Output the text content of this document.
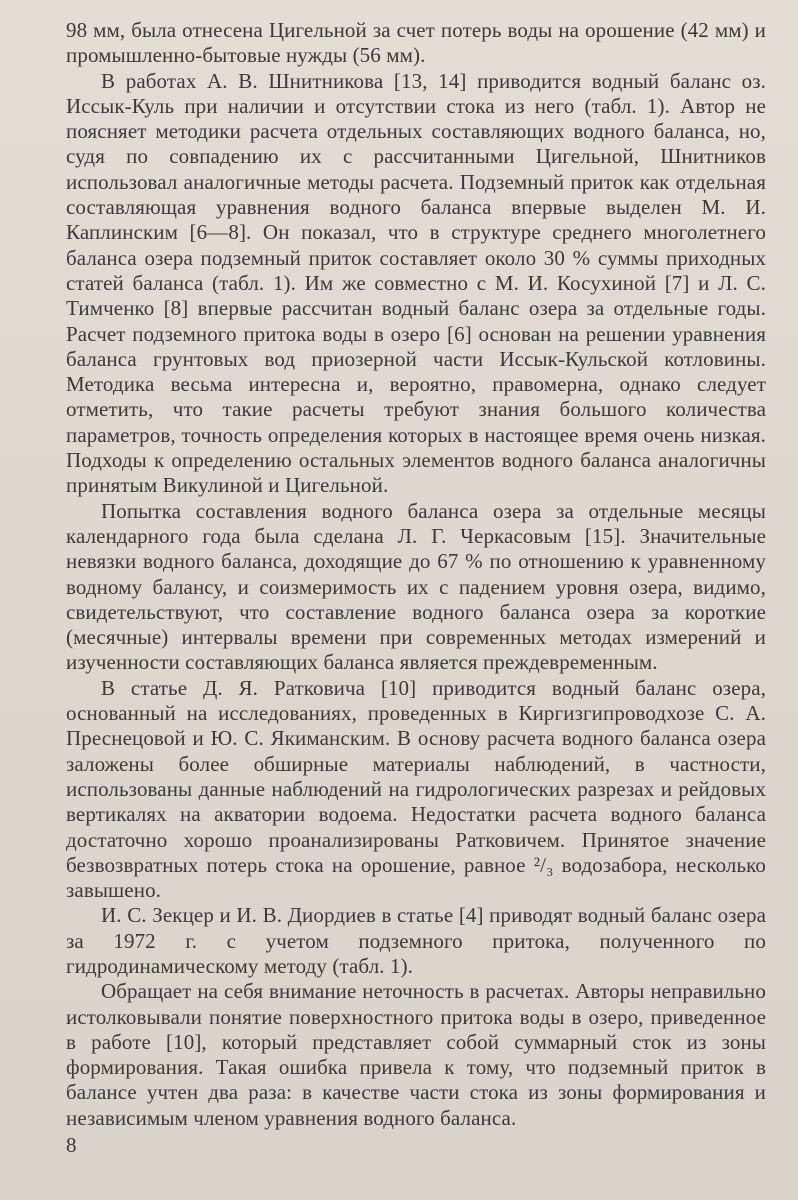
98 мм, была отнесена Цигельной за счет потерь воды на орошение (42 мм) и промышленно-бытовые нужды (56 мм).

В работах А. В. Шнитникова [13, 14] приводится водный баланс оз. Иссык-Куль при наличии и отсутствии стока из него (табл. 1). Автор не поясняет методики расчета отдельных составляющих водного баланса, но, судя по совпадению их с рассчитанными Цигельной, Шнитников использовал аналогичные методы расчета. Подземный приток как отдельная составляющая уравнения водного баланса впервые выделен М. И. Каплинским [6—8]. Он показал, что в структуре среднего многолетнего баланса озера подземный приток составляет около 30 % суммы приходных статей баланса (табл. 1). Им же совместно с М. И. Косухиной [7] и Л. С. Тимченко [8] впервые рассчитан водный баланс озера за отдельные годы. Расчет подземного притока воды в озеро [6] основан на решении уравнения баланса грунтовых вод приозерной части Иссык-Кульской котловины. Методика весьма интересна и, вероятно, правомерна, однако следует отметить, что такие расчеты требуют знания большого количества параметров, точность определения которых в настоящее время очень низкая. Подходы к определению остальных элементов водного баланса аналогичны принятым Викулиной и Цигельной.

Попытка составления водного баланса озера за отдельные месяцы календарного года была сделана Л. Г. Черкасовым [15]. Значительные невязки водного баланса, доходящие до 67 % по отношению к уравненному водному балансу, и соизмеримость их с падением уровня озера, видимо, свидетельствуют, что составление водного баланса озера за короткие (месячные) интервалы времени при современных методах измерений и изученности составляющих баланса является преждевременным.

В статье Д. Я. Ратковича [10] приводится водный баланс озера, основанный на исследованиях, проведенных в Киргизгипроводхозе С. А. Преснецовой и Ю. С. Якиманским. В основу расчета водного баланса озера заложены более обширные материалы наблюдений, в частности, использованы данные наблюдений на гидрологических разрезах и рейдовых вертикалях на акватории водоема. Недостатки расчета водного баланса достаточно хорошо проанализированы Ратковичем. Принятое значение безвозвратных потерь стока на орошение, равное ²/₃ водозабора, несколько завышено.

И. С. Зекцер и И. В. Диордиев в статье [4] приводят водный баланс озера за 1972 г. с учетом подземного притока, полученного по гидродинамическому методу (табл. 1).

Обращает на себя внимание неточность в расчетах. Авторы неправильно истолковывали понятие поверхностного притока воды в озеро, приведенное в работе [10], который представляет собой суммарный сток из зоны формирования. Такая ошибка привела к тому, что подземный приток в балансе учтен два раза: в качестве части стока из зоны формирования и независимым членом уравнения водного баланса.

8
